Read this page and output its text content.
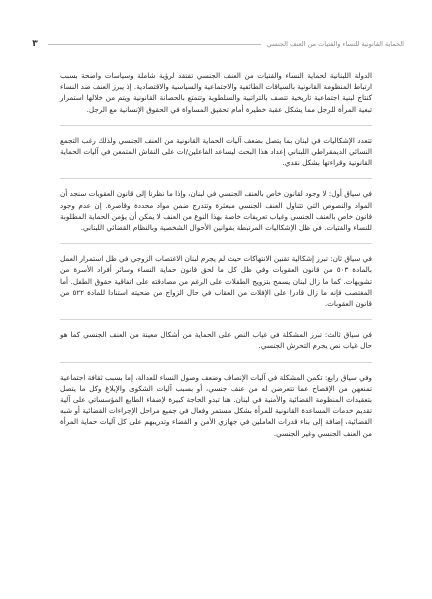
٣	الحماية القانونية للنساء والفتيات من العنف الجنسي

الدولة اللبنانية لحماية النساء والفتيات من العنف الجنسي تفتقد لرؤية شاملة وسياسات واضحة بسبب ارتباط المنظومة القانونية بالسياقات الطائفية والاجتماعية والسياسية والاقتصادية. إذ يبرز العنف ضد النساء كنتاج لبنية اجتماعية تاريخية تتصف بالتراتبية والسلطوية وتتمتع بالحصانة القانونية ويتم من خلالها استمرار تبعية المرأة للرجل مما يشكل عقبة خطيرة أمام تحقيق المساواة في الحقوق الإنسانية مع الرجل.

تتعدد الإشكاليات في لبنان بما يتصل بضعف آليات الحماية القانونية من العنف الجنسي ولذلك رغب التجمع النسائي الديمقراطي اللبناني إعداد هذا البحث ليساعد الفاعلين/ات على النقاش المتمعن في آليات الحماية القانونية وقراءتها بشكل نقدي.

في سياق أول: لا وجود لقانون خاص بالعنف الجنسي في لبنان، وإذا ما نظرنا إلى قانون العقوبات سنجد أن المواد والنصوص التي تتناول العنف الجنسي مبعثرة وتتدرج ضمن مواد محددة وقاصرة. إن عدم وجود قانون خاص بالعنف الجنسي وغياب تعريفات خاصة بهذا النوع من العنف لا يمكن أن يؤمن الحماية المطلوبة للنساء والفتيات. في ظل الإشكاليات المرتبطة بقوانين الأحوال الشخصية وبالنظام القضائي اللبناني.

في سياق ثان: تبرز إشكالية تقنين الانتهاكات حيث لم يجرم لبنان الاغتصاب الزوجي في ظل استمرار العمل بالمادة ٥٠٣ من قانون العقوبات وفي ظل كل ما لحق قانون حماية النساء وسائر أفراد الأسرة من تشويهات. كما ما زال لبنان يسمح بتزويج الطفلات على الرغم من مصادقته على اتفاقية حقوق الطفل. أما المغتصب فإنه ما زال قادرا على الإفلات من العقاب في حال الزواج من ضحيته استنادا للمادة ٥٢٢ من قانون العقوبات.

في سياق ثالث: تبرز المشكلة في غياب النص على الحماية من أشكال معينة من العنف الجنسي كما هو حال غياب نص يجرم التحرش الجنسي.

وفي سياق رابع: تكمن المشكلة في آليات الإنصاف وضعف وصول النساء للعدالة، إما بسبب ثقافة اجتماعية تمنعهن من الإفصاح عما تتعرضن له من عنف جنسي، أو بسبب آليات الشكوى والإبلاغ وكل ما يتصل بتعقيدات المنظومة القضائية والأمنية في لبنان. هنا تبدو الحاجة كبيرة لإضفاء الطابع المؤسساتي على آلية تقديم خدمات المساعدة القانونية للمرأة بشكل مستمر وفعال في جميع مراحل الإجراءات القضائية أو شبه القضائية، إضافة إلى بناء قدرات العاملين في جهازي الأمن و القضاء وتدريبهم على كل آليات حماية المرأة من العنف الجنسي وغير الجنسي.
